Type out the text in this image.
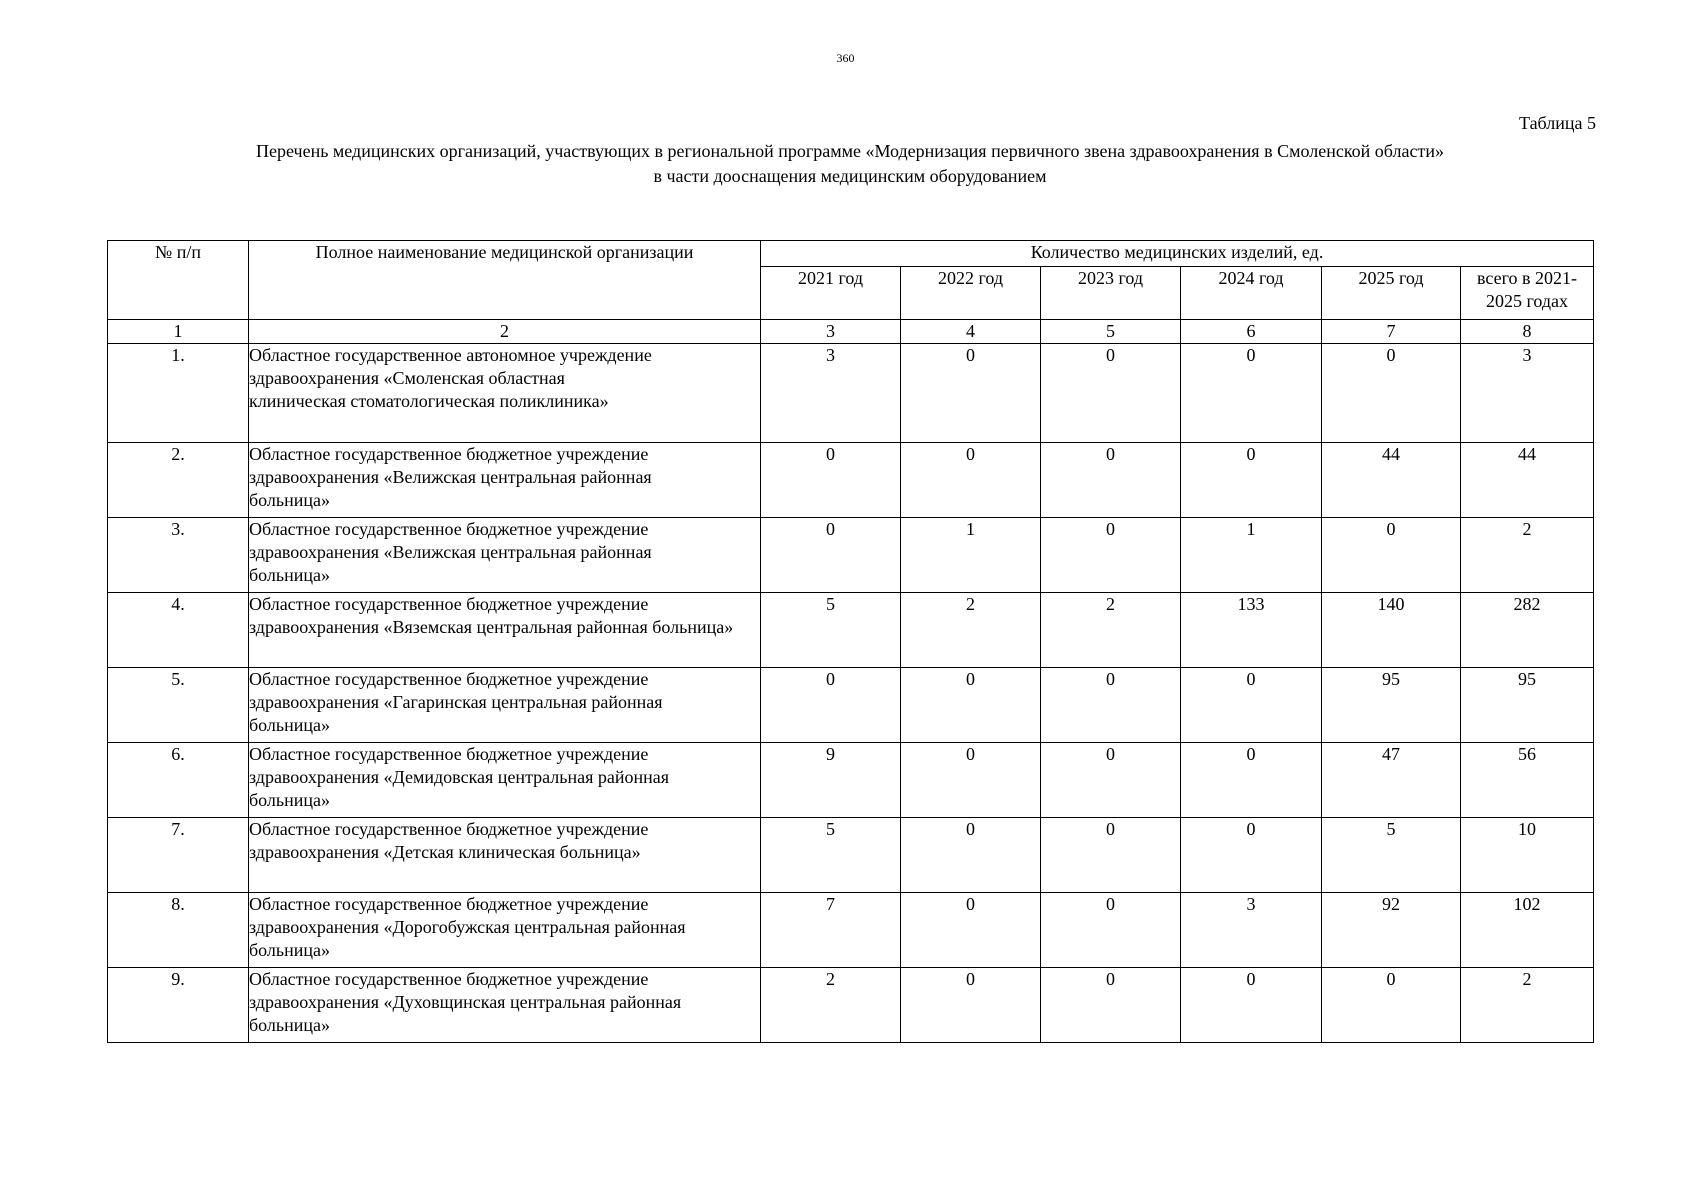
360
Таблица 5
Перечень медицинских организаций, участвующих в региональной программе «Модернизация первичного звена здравоохранения в Смоленской области»
в части дооснащения медицинским оборудованием
№ п/п	Полное наименование медицинской организации	Количество медицинских изделий, ед.					
		2021 год	2022 год	2023 год	2024 год	2025 год	всего в 2021-
2025 годах

1	2	3	4	5	6	7	8
1.	Областное государственное автономное учреждение
здравоохранения «Смоленская областная
клиническая стоматологическая поликлиника»	3	0	0	0	0	3
2.	Областное государственное бюджетное учреждение
здравоохранения «Велижская центральная районная
больница»	0	0	0	0	44	44
3.	Областное государственное бюджетное учреждение
здравоохранения «Велижская центральная районная
больница»	0	1	0	1	0	2
4.	Областное государственное бюджетное учреждение
здравоохранения «Вяземская центральная районная больница»	5	2	2	133	140	282
5.	Областное государственное бюджетное учреждение
здравоохранения «Гагаринская центральная районная
больница»	0	0	0	0	95	95
6.	Областное государственное бюджетное учреждение
здравоохранения «Демидовская центральная районная
больница»	9	0	0	0	47	56
7.	Областное государственное бюджетное учреждение
здравоохранения «Детская клиническая больница»	5	0	0	0	5	10
8.	Областное государственное бюджетное учреждение
здравоохранения «Дорогобужская центральная районная
больница»	7	0	0	3	92	102
9.	Областное государственное бюджетное учреждение
здравоохранения «Духовщинская центральная районная
больница»	2	0	0	0	0	2
